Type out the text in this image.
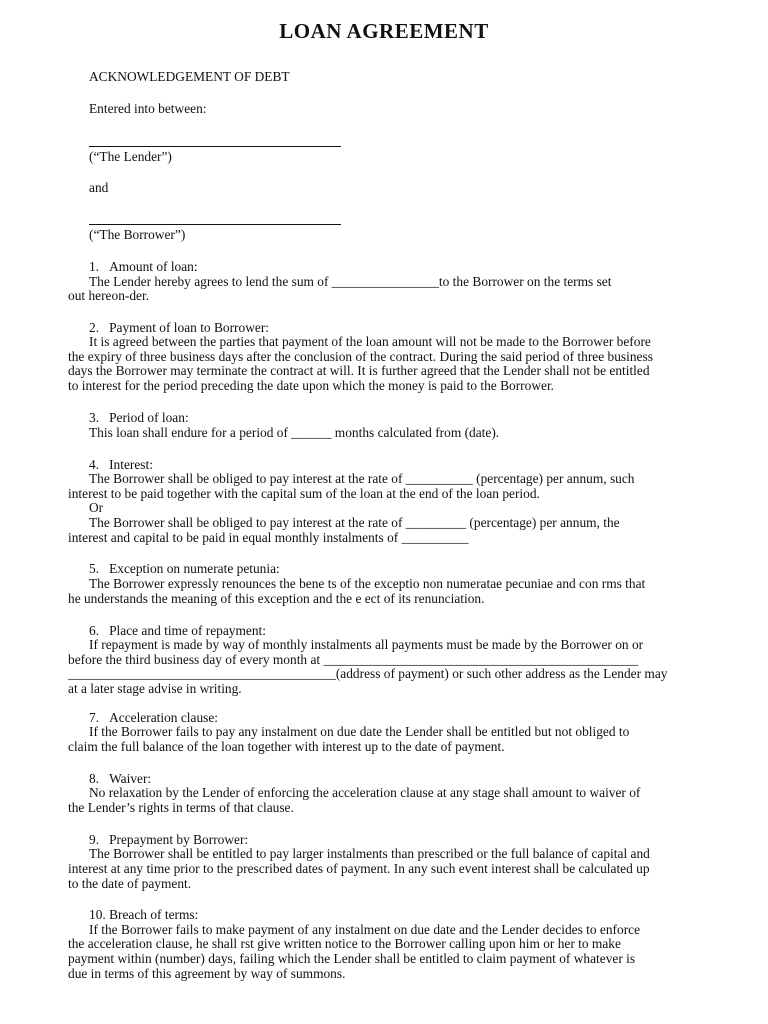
LOAN AGREEMENT
ACKNOWLEDGEMENT OF DEBT
Entered into between:
(“The Lender”)
and
(“The Borrower”)
1.   Amount of loan:
The Lender hereby agrees to lend the sum of ________________to the Borrower on the terms set
out hereon-der.
2.   Payment of loan to Borrower:
It is agreed between the parties that payment of the loan amount will not be made to the Borrower before
the expiry of three business days after the conclusion of the contract. During the said period of three business
days the Borrower may terminate the contract at will. It is further agreed that the Lender shall not be entitled
to interest for the period preceding the date upon which the money is paid to the Borrower.
3.   Period of loan:
This loan shall endure for a period of ______ months calculated from (date).
4.   Interest:
The Borrower shall be obliged to pay interest at the rate of __________ (percentage) per annum, such
interest to be paid together with the capital sum of the loan at the end of the loan period.
Or
The Borrower shall be obliged to pay interest at the rate of _________ (percentage) per annum, the
interest and capital to be paid in equal monthly instalments of __________
5.   Exception on numerate petunia:
The Borrower expressly renounces the bene ts of the exceptio non numeratae pecuniae and con rms that
he understands the meaning of this exception and the e ect of its renunciation.
6.   Place and time of repayment:
If repayment is made by way of monthly instalments all payments must be made by the Borrower on or
before the third business day of every month at _______________________________________________
________________________________________(address of payment) or such other address as the Lender may
at a later stage advise in writing.
7.   Acceleration clause:
If the Borrower fails to pay any instalment on due date the Lender shall be entitled but not obliged to
claim the full balance of the loan together with interest up to the date of payment.
8.   Waiver:
No relaxation by the Lender of enforcing the acceleration clause at any stage shall amount to waiver of
the Lender’s rights in terms of that clause.
9.   Prepayment by Borrower:
The Borrower shall be entitled to pay larger instalments than prescribed or the full balance of capital and
interest at any time prior to the prescribed dates of payment. In any such event interest shall be calculated up
to the date of payment.
10. Breach of terms:
If the Borrower fails to make payment of any instalment on due date and the Lender decides to enforce
the acceleration clause, he shall rst give written notice to the Borrower calling upon him or her to make
payment within (number) days, failing which the Lender shall be entitled to claim payment of whatever is
due in terms of this agreement by way of summons.
